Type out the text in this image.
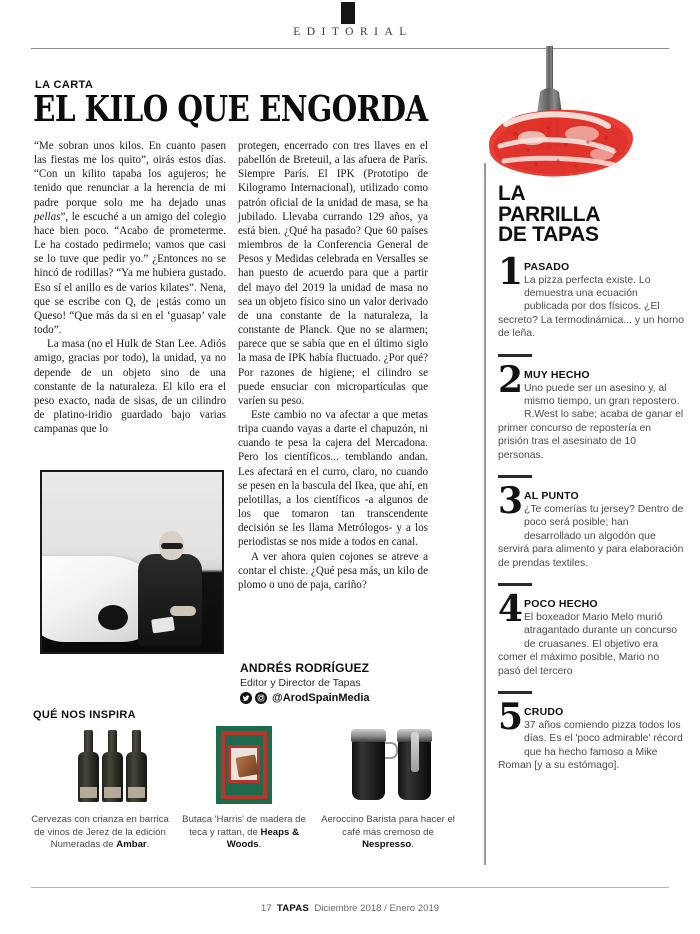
EDITORIAL
LA CARTA
EL KILO QUE ENGORDA

“Me sobran unos kilos. En cuanto pasen las fiestas me los quito”, oirás estos días. “Con un kilito tapaba los agujeros; he tenido que renunciar a la herencia de mi padre porque solo me ha dejado unas pellas”, le escuché a un amigo del colegio hace bien poco. “Acabo de prometerme. Le ha costado pedirmelo; vamos que casi se lo tuve que pedir yo.” ¿Entonces no se hincó de rodillas? “Ya me hubiera gustado. Eso sí el anillo es de varios kilates”. Nena, que se escribe con Q, de ¡estás como un Queso! “Que más da si en el ‘guasap’ vale todo”.

La masa (no el Hulk de Stan Lee. Adiós amigo, gracias por todo), la unidad, ya no depende de un objeto sino de una constante de la naturaleza. El kilo era el peso exacto, nada de sisas, de un cilindro de platino-iridio guardado bajo varias campanas que lo

protegen, encerrado con tres llaves en el pabellón de Breteuil, a las afuera de París. Siempre París. El IPK (Prototipo de Kilogramo Internacional), utilizado como patrón oficial de la unidad de masa, se ha jubilado. Llevaba currando 129 años, ya está bien. ¿Qué ha pasado? Que 60 países miembros de la Conferencia General de Pesos y Medidas celebrada en Versalles se han puesto de acuerdo para que a partir del mayo del 2019 la unidad de masa no sea un objeto físico sino un valor derivado de una constante de la naturaleza, la constante de Planck. Que no se alarmen; parece que se sabía que en el último siglo la masa de IPK había fluctuado. ¿Por qué? Por razones de higiene; el cilindro se puede ensuciar con micropartículas que varíen su peso.

Este cambio no va afectar a que metas tripa cuando vayas a darte el chapuzón, ni cuando te pesa la cajera del Mercadona. Pero los científicos... temblando andan. Les afectará en el curro, claro, no cuando se pesen en la bascula del Ikea, que ahí, en pelotillas, a los científicos -a algunos de los que tomaron tan transcendente decisión se les llama Metrólogos- y a los periodistas se nos mide a todos en canal.

A ver ahora quien cojones se atreve a contar el chiste. ¿Qué pesa más, un kilo de plomo o uno de paja, cariño?

ANDRÉS RODRÍGUEZ
Editor y Director de Tapas
@ArodSpainMedia
LA
PARRILLA
DE TAPAS
1 PASADO
La pizza perfecta existe. Lo demuestra una ecuación publicada por dos físicos. ¿El secreto? La termodinámica... y un horno de leña.
2 MUY HECHO
Uno puede ser un asesino y, al mismo tiempo, un gran repostero. R.West lo sabe; acaba de ganar el primer concurso de repostería en prisión tras el asesinato de 10 personas.
3 AL PUNTO
¿Te comerías tu jersey? Dentro de poco será posible; han desarrollado un algodón que servirá para alimento y para elaboración de prendas textiles.
4 POCO HECHO
El boxeador Mario Melo murió atragantado durante un concurso de cruasanes. El objetivo era comer el máximo posible, Mario no pasó del tercero
5 CRUDO
37 años comiendo pizza todos los días. Es el 'poco admirable' récord que ha hecho famoso a Mike Roman [y a su estómago].
QUÉ NOS INSPIRA
Cervezas con crianza en barrica de vinos de Jerez de la edición Numeradas de Ambar.
Butaca 'Harris' de madera de teca y rattan, de Heaps & Woods.
Aeroccino Barista para hacer el café más cremoso de Nespresso.
17 TAPAS Diciembre 2018 / Enero 2019
